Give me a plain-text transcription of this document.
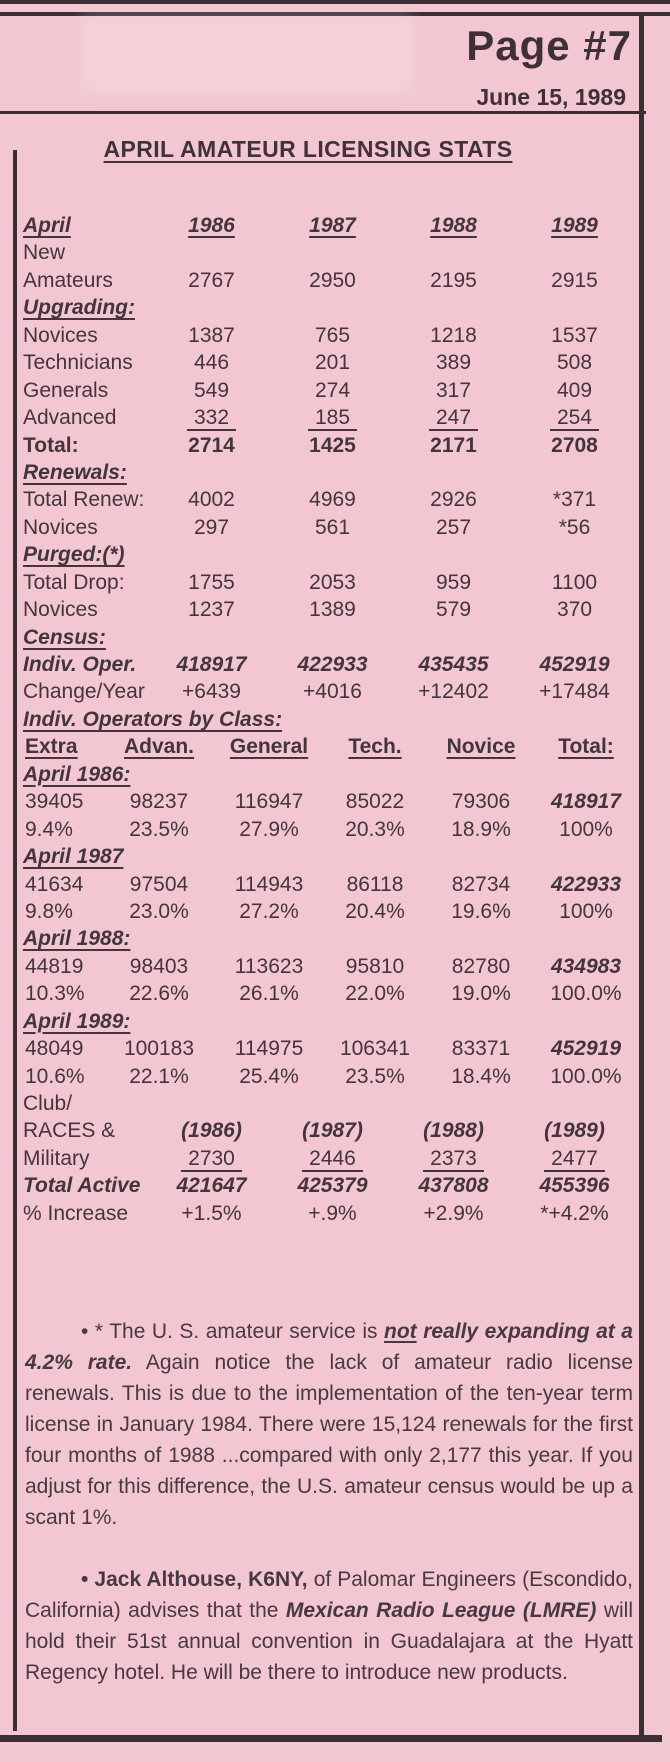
Page #7
June 15, 1989
APRIL AMATEUR LICENSING STATS
April	1986	1987	1988	1989
New
Amateurs	2767	2950	2195	2915
Upgrading:
Novices	1387	765	1218	1537
Technicians	446	201	389	508
Generals	549	274	317	409
Advanced	332	185	247	254
Total:	2714	1425	2171	2708
Renewals:
Total Renew:	4002	4969	2926	*371
Novices	297	561	257	*56
Purged:(*)
Total Drop:	1755	2053	959	1100
Novices	1237	1389	579	370
Census:
Indiv. Oper.	418917	422933	435435	452919
Change/Year	+6439	+4016	+12402	+17484
Indiv. Operators by Class:
Extra	Advan.	General	Tech.	Novice	Total:
April 1986:
39405	98237	116947	85022	79306	418917
9.4%	23.5%	27.9%	20.3%	18.9%	100%
April 1987
41634	97504	114943	86118	82734	422933
9.8%	23.0%	27.2%	20.4%	19.6%	100%
April 1988:
44819	98403	113623	95810	82780	434983
10.3%	22.6%	26.1%	22.0%	19.0%	100.0%
April 1989:
48049	100183	114975	106341	83371	452919
10.6%	22.1%	25.4%	23.5%	18.4%	100.0%
Club/
RACES &	(1986)	(1987)	(1988)	(1989)
Military	2730	2446	2373	2477
Total Active	421647	425379	437808	455396
% Increase	+1.5%	+.9%	+2.9%	*+4.2%

• * The U. S. amateur service is not really expanding at a 4.2% rate. Again notice the lack of amateur radio license renewals. This is due to the implementation of the ten-year term license in January 1984. There were 15,124 renewals for the first four months of 1988 ...compared with only 2,177 this year. If you adjust for this difference, the U.S. amateur census would be up a scant 1%.

• Jack Althouse, K6NY, of Palomar Engineers (Escondido, California) advises that the Mexican Radio League (LMRE) will hold their 51st annual convention in Guadalajara at the Hyatt Regency hotel. He will be there to introduce new products.
